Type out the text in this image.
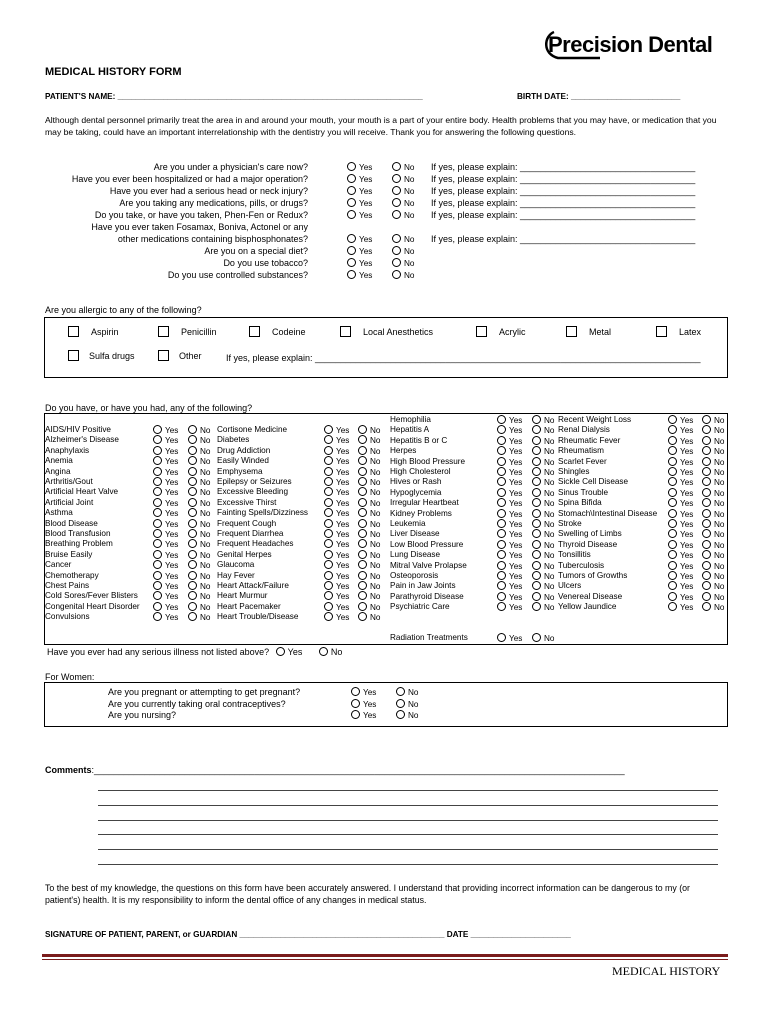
Precision Dental
MEDICAL HISTORY FORM
PATIENT'S NAME: ___________________________________________________________________	BIRTH DATE: ________________________
Although dental personnel primarily treat the area in and around your mouth, your mouth is a part of your entire body. Health problems that you may have, or medication that you may be taking, could have an important interrelationship with the dentistry you will receive. Thank you for answering the following questions.
Are you under a physician's care now?	Yes	No If yes, please explain: ___________________________________
Have you ever been hospitalized or had a major operation?	Yes	No If yes, please explain: ___________________________________
Have you ever had a serious head or neck injury?	Yes	No If yes, please explain: ___________________________________
Are you taking any medications, pills, or drugs?	Yes	No If yes, please explain: ___________________________________
Do you take, or have you taken, Phen-Fen or Redux?	Yes	No If yes, please explain: ___________________________________
Have you ever taken Fosamax, Boniva, Actonel or any
other medications containing bisphosphonates?	Yes	No If yes, please explain: ___________________________________
Are you on a special diet?	Yes	No
Do you use tobacco?	Yes	No
Do you use controlled substances?	Yes	No
Are you allergic to any of the following?
Aspirin	Penicillin	Codeine	Local Anesthetics	Acrylic	Metal	Latex
Sulfa drugs	Other	If yes, please explain: _____________________________________________________________________________
Do you have, or have you had, any of the following?
AIDS/HIV Positive	Yes	No
Alzheimer's Disease	Yes	No
Anaphylaxis	Yes	No
Anemia	Yes	No
Angina	Yes	No
Arthritis/Gout	Yes	No
Artificial Heart Valve	Yes	No
Artificial Joint	Yes	No
Asthma	Yes	No
Blood Disease	Yes	No
Blood Transfusion	Yes	No
Breathing Problem	Yes	No
Bruise Easily	Yes	No
Cancer	Yes	No
Chemotherapy	Yes	No
Chest Pains	Yes	No
Cold Sores/Fever Blisters	Yes	No
Congenital Heart Disorder	Yes	No
Convulsions	Yes	No
Cortisone Medicine	Yes	No
Diabetes	Yes	No
Drug Addiction	Yes	No
Easily Winded	Yes	No
Emphysema	Yes	No
Epilepsy or Seizures	Yes	No
Excessive Bleeding	Yes	No
Excessive Thirst	Yes	No
Fainting Spells/Dizziness	Yes	No
Frequent Cough	Yes	No
Frequent Diarrhea	Yes	No
Frequent Headaches	Yes	No
Genital Herpes	Yes	No
Glaucoma	Yes	No
Hay Fever	Yes	No
Heart Attack/Failure	Yes	No
Heart Murmur	Yes	No
Heart Pacemaker	Yes	No
Heart Trouble/Disease	Yes	No
Hemophilia	Yes	No
Hepatitis A	Yes	No
Hepatitis B or C	Yes	No
Herpes	Yes	No
High Blood Pressure	Yes	No
High Cholesterol	Yes	No
Hives or Rash	Yes	No
Hypoglycemia	Yes	No
Irregular Heartbeat	Yes	No
Kidney Problems	Yes	No
Leukemia	Yes	No
Liver Disease	Yes	No
Low Blood Pressure	Yes	No
Lung Disease	Yes	No
Mitral Valve Prolapse	Yes	No
Osteoporosis	Yes	No
Pain in Jaw Joints	Yes	No
Parathyroid Disease	Yes	No
Psychiatric Care	Yes	No
Recent Weight Loss	Yes	No
Renal Dialysis	Yes	No
Rheumatic Fever	Yes	No
Rheumatism	Yes	No
Scarlet Fever	Yes	No
Shingles	Yes	No
Sickle Cell Disease	Yes	No
Sinus Trouble	Yes	No
Spina Bifida	Yes	No
Stomach\Intestinal Disease	Yes	No
Stroke	Yes	No
Swelling of Limbs	Yes	No
Thyroid Disease	Yes	No
Tonsillitis	Yes	No
Tuberculosis	Yes	No
Tumors of Growths	Yes	No
Ulcers	Yes	No
Venereal Disease	Yes	No
Yellow Jaundice	Yes	No
Radiation Treatments	Yes	No
Have you ever had any serious illness not listed above? Yes	No
For Women:
Are you pregnant or attempting to get pregnant?	Yes	No
Are you currently taking oral contraceptives?	Yes	No
Are you nursing?	Yes	No
Comments:__________________________________________________________________________________________________________
To the best of my knowledge, the questions on this form have been accurately answered. I understand that providing incorrect information can be dangerous to my (or patient's) health. It is my responsibility to inform the dental office of any changes in medical status.
SIGNATURE OF PATIENT, PARENT, or GUARDIAN _____________________________________________ DATE ______________________
MEDICAL HISTORY
